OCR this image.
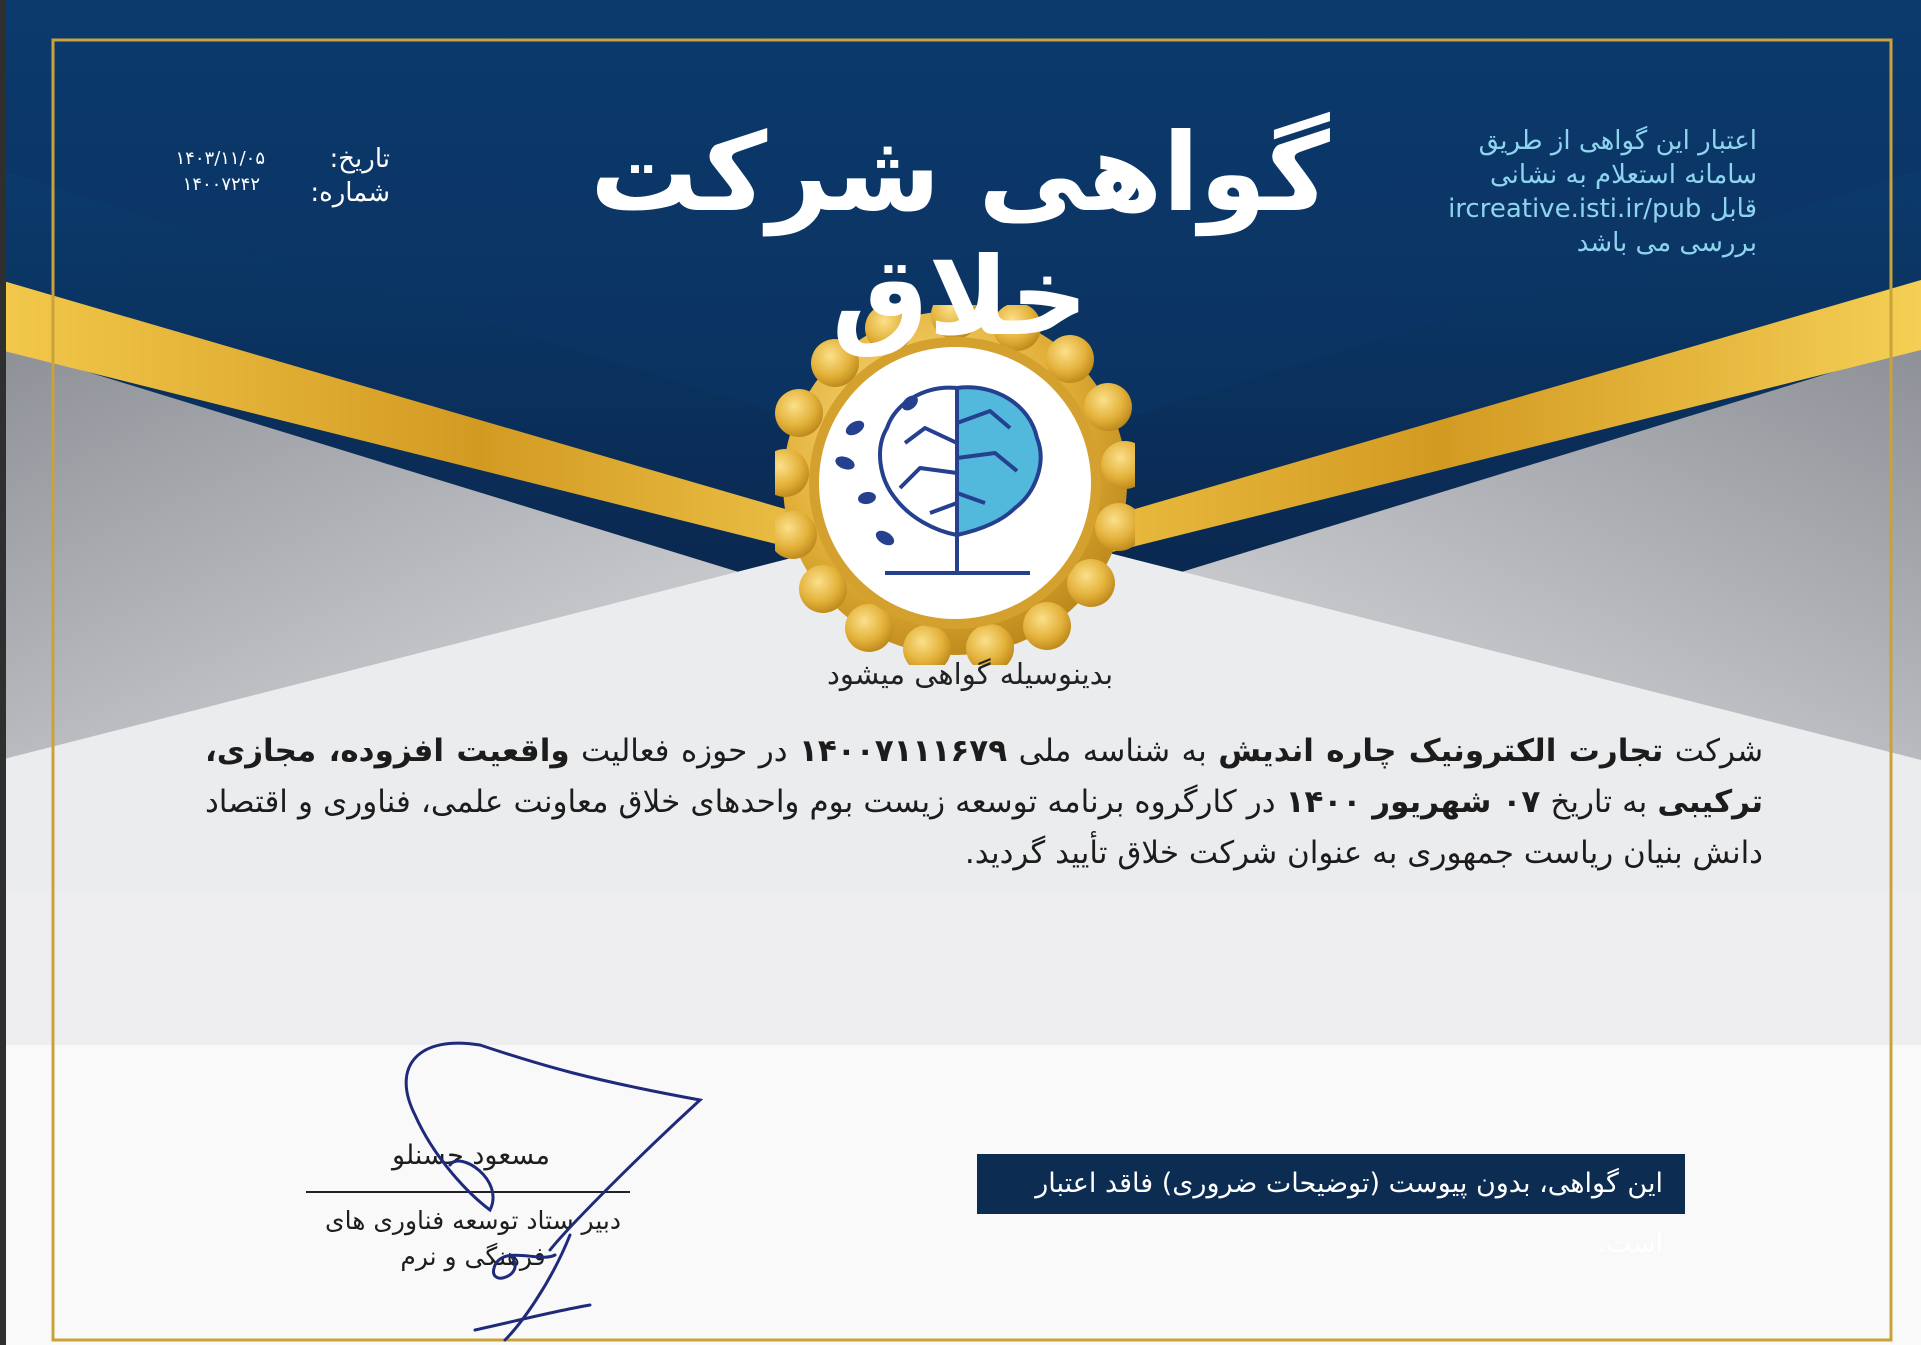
تاریخ:
۱۴۰۳/۱۱/۰۵
شماره:
۱۴۰۰۷۲۴۲	گواهی شرکت خلاق
اعتبار این گواهی از طریق
سامانه استعلام به نشانی
قابل ircreative.isti.ir/pub
بررسی می باشد
بدینوسیله گواهی میشود
شرکت تجارت الکترونیک چاره اندیش به شناسه ملی ۱۴۰۰۷۱۱۱۶۷۹ در حوزه فعالیت واقعیت افزوده، مجازی، ترکیبی به تاریخ ۰۷ شهریور ۱۴۰۰ در کارگروه برنامه توسعه زیست بوم واحدهای خلاق معاونت علمی، فناوری و اقتصاد دانش بنیان ریاست جمهوری به عنوان شرکت خلاق تأیید گردید.
این گواهی، بدون پیوست (توضیحات ضروری) فاقد اعتبار است.
مسعود حسنلو
دبیر ستاد توسعه فناوری های
فرهنگی و نرم
